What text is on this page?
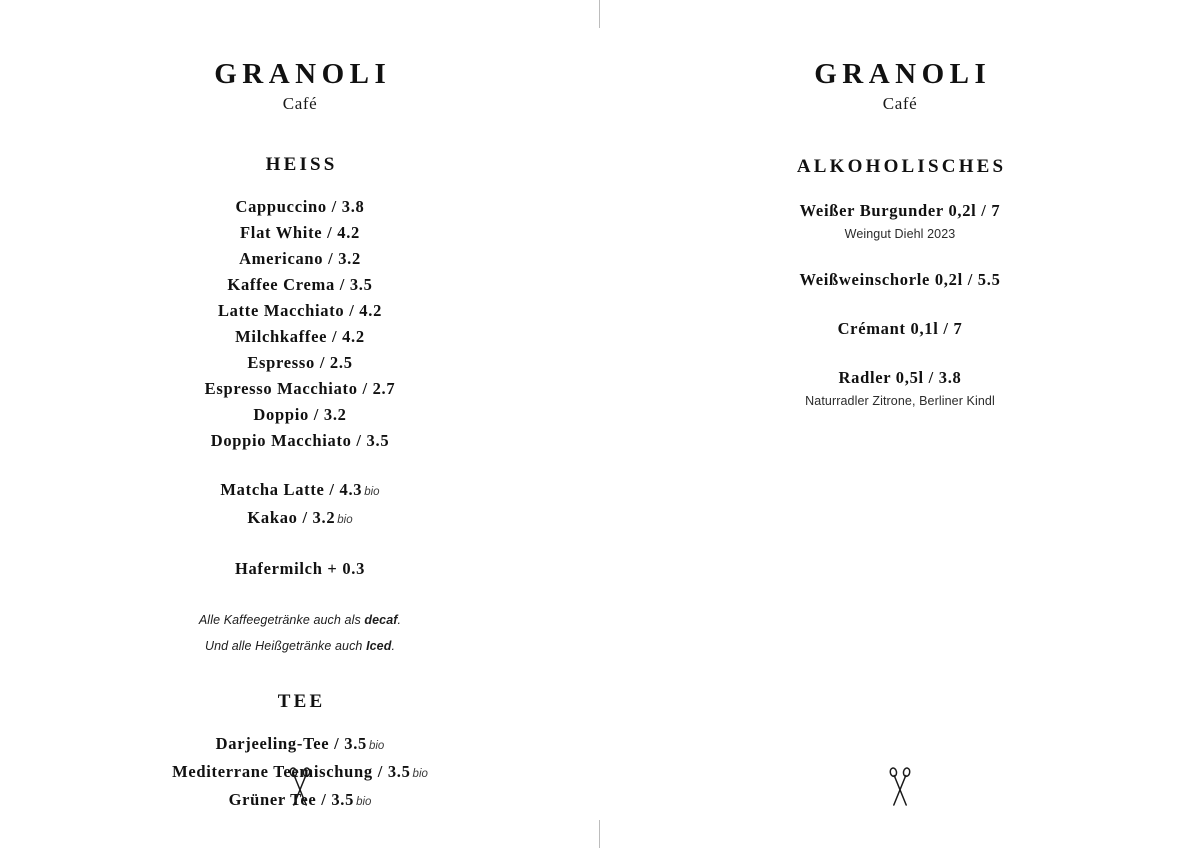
GRANOLI
Café
HEISS
Cappuccino / 3.8
Flat White / 4.2
Americano / 3.2
Kaffee Crema / 3.5
Latte Macchiato / 4.2
Milchkaffee / 4.2
Espresso / 2.5
Espresso Macchiato / 2.7
Doppio / 3.2
Doppio Macchiato / 3.5
Matcha Latte / 4.3 bio
Kakao / 3.2 bio
Hafermilch + 0.3
Alle Kaffeegetränke auch als decaf.
Und alle Heißgetränke auch Iced.
TEE
Darjeeling-Tee / 3.5 bio
Mediterrane Teemischung / 3.5 bio
Grüner Tee / 3.5 bio
GRANOLI
Café
ALKOHOLISCHES
Weißer Burgunder 0,2l / 7
Weingut Diehl 2023
Weißweinschorle 0,2l / 5.5
Crémant 0,1l / 7
Radler 0,5l / 3.8
Naturradler Zitrone, Berliner Kindl
